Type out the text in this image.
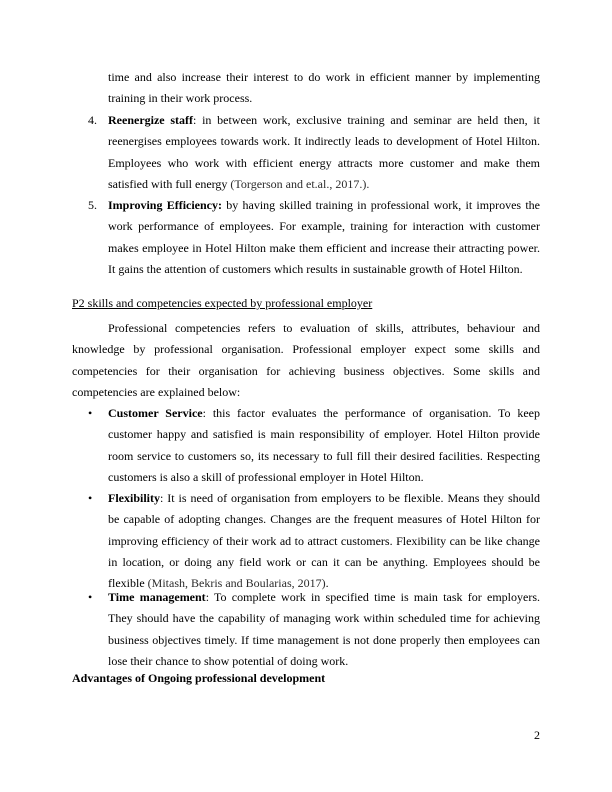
time and also increase their interest to do work in efficient manner by implementing training in their work process.

4. Reenergize staff: in between work, exclusive training and seminar are held then, it reenergises employees towards work. It indirectly leads to development of Hotel Hilton. Employees who work with efficient energy attracts more customer and make them satisfied with full energy (Torgerson and et.al., 2017.).

5. Improving Efficiency: by having skilled training in professional work, it improves the work performance of employees. For example, training for interaction with customer makes employee in Hotel Hilton make them efficient and increase their attracting power. It gains the attention of customers which results in sustainable growth of Hotel Hilton.

P2 skills and competencies expected by professional employer

Professional competencies refers to evaluation of skills, attributes, behaviour and knowledge by professional organisation. Professional employer expect some skills and competencies for their organisation for achieving business objectives. Some skills and competencies are explained below:

• Customer Service: this factor evaluates the performance of organisation. To keep customer happy and satisfied is main responsibility of employer. Hotel Hilton provide room service to customers so, its necessary to full fill their desired facilities. Respecting customers is also a skill of professional employer in Hotel Hilton.

• Flexibility: It is need of organisation from employers to be flexible. Means they should be capable of adopting changes. Changes are the frequent measures of Hotel Hilton for improving efficiency of their work ad to attract customers. Flexibility can be like change in location, or doing any field work or can it can be anything. Employees should be flexible (Mitash, Bekris and Boularias, 2017).

• Time management: To complete work in specified time is main task for employers. They should have the capability of managing work within scheduled time for achieving business objectives timely. If time management is not done properly then employees can lose their chance to show potential of doing work.

Advantages of Ongoing professional development

2
